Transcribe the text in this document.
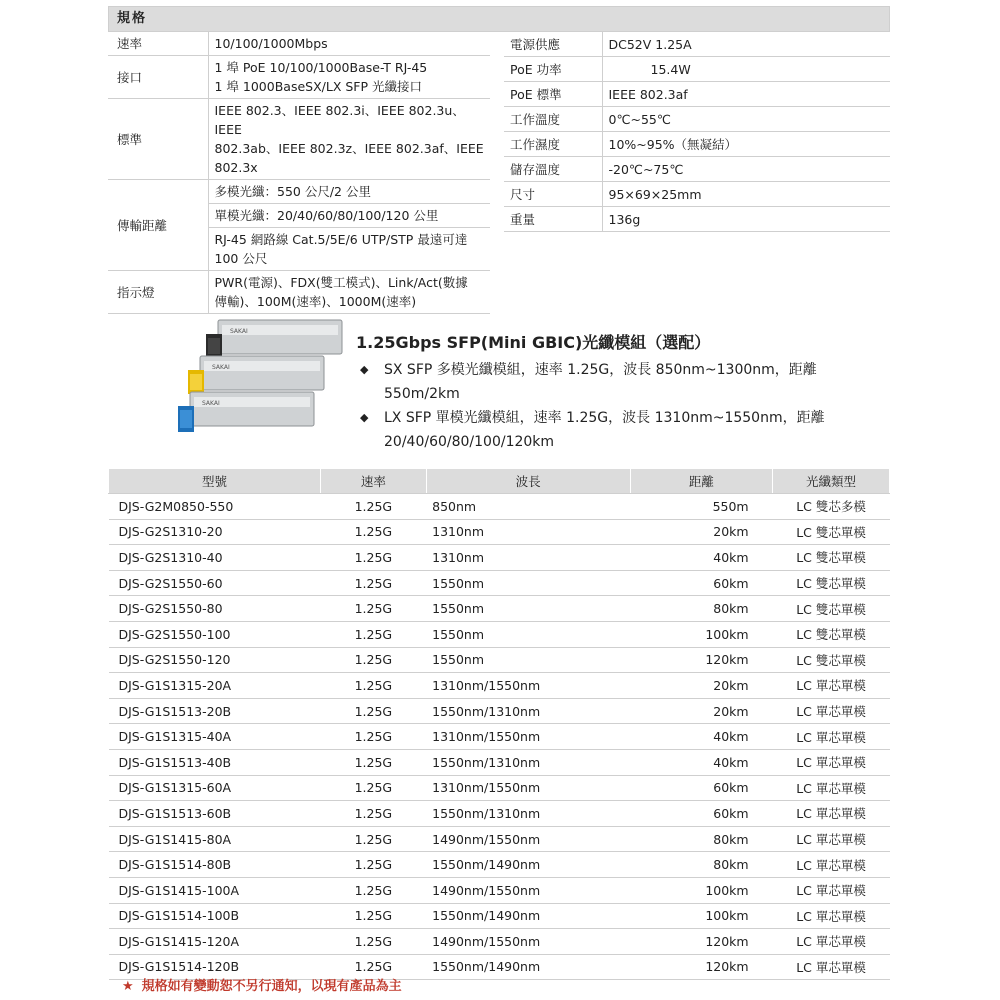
規格
速率	10/100/1000Mbps

接口	1 埠 PoE 10/100/1000Base-T RJ-45
1 埠 1000BaseSX/LX SFP 光纖接口

標準	IEEE 802.3、IEEE 802.3i、IEEE 802.3u、IEEE
802.3ab、IEEE 802.3z、IEEE 802.3af、IEEE
802.3x

傳輸距離	多模光纖：550 公尺/2 公里

	單模光纖：20/40/60/80/100/120 公里

	RJ-45 網路線 Cat.5/5E/6 UTP/STP 最遠可達
100 公尺

指示燈	PWR(電源)、FDX(雙工模式)、Link/Act(數據
傳輸)、100M(速率)、1000M(速率)
電源供應	DC52V 1.25A
PoE 功率	15.4W
PoE 標準	IEEE 802.3af
工作溫度	0℃~55℃
工作濕度	10%~95%（無凝結）
儲存溫度	-20℃~75℃
尺寸	95×69×25mm
重量	136g
SAKAI
SAKAI
SAKAI
1.25Gbps SFP(Mini GBIC)光纖模組（選配）
◆ SX SFP 多模光纖模組，速率 1.25G，波長 850nm~1300nm，距離 550m/2km
◆ LX SFP 單模光纖模組，速率 1.25G，波長 1310nm~1550nm，距離 20/40/60/80/100/120km
型號	速率	波長	距離	光纖類型
DJS-G2M0850-550	1.25G	850nm	550m	LC 雙芯多模
DJS-G2S1310-20	1.25G	1310nm	20km	LC 雙芯單模
DJS-G2S1310-40	1.25G	1310nm	40km	LC 雙芯單模
DJS-G2S1550-60	1.25G	1550nm	60km	LC 雙芯單模
DJS-G2S1550-80	1.25G	1550nm	80km	LC 雙芯單模
DJS-G2S1550-100	1.25G	1550nm	100km	LC 雙芯單模
DJS-G2S1550-120	1.25G	1550nm	120km	LC 雙芯單模
DJS-G1S1315-20A	1.25G	1310nm/1550nm	20km	LC 單芯單模
DJS-G1S1513-20B	1.25G	1550nm/1310nm	20km	LC 單芯單模
DJS-G1S1315-40A	1.25G	1310nm/1550nm	40km	LC 單芯單模
DJS-G1S1513-40B	1.25G	1550nm/1310nm	40km	LC 單芯單模
DJS-G1S1315-60A	1.25G	1310nm/1550nm	60km	LC 單芯單模
DJS-G1S1513-60B	1.25G	1550nm/1310nm	60km	LC 單芯單模
DJS-G1S1415-80A	1.25G	1490nm/1550nm	80km	LC 單芯單模
DJS-G1S1514-80B	1.25G	1550nm/1490nm	80km	LC 單芯單模
DJS-G1S1415-100A	1.25G	1490nm/1550nm	100km	LC 單芯單模
DJS-G1S1514-100B	1.25G	1550nm/1490nm	100km	LC 單芯單模
DJS-G1S1415-120A	1.25G	1490nm/1550nm	120km	LC 單芯單模
DJS-G1S1514-120B	1.25G	1550nm/1490nm	120km	LC 單芯單模
★ 規格如有變動恕不另行通知，以現有產品為主
